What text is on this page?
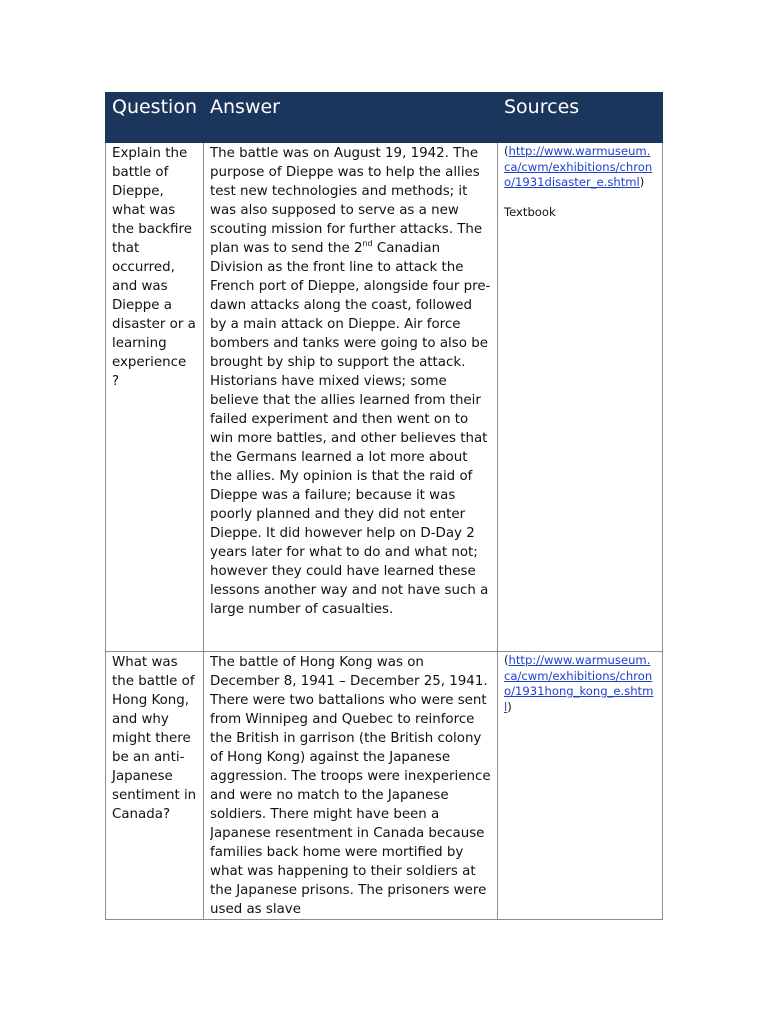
Question	Answer	Sources

Explain the battle of Dieppe, what was the backfire that occurred, and was Dieppe a disaster or a learning experience ?	The battle was on August 19, 1942. The purpose of Dieppe was to help the allies test new technologies and methods; it was also supposed to serve as a new scouting mission for further attacks. The plan was to send the 2nd Canadian Division as the front line to attack the French port of Dieppe, alongside four pre-dawn attacks along the coast, followed by a main attack on Dieppe. Air force bombers and tanks were going to also be brought by ship to support the attack. Historians have mixed views; some believe that the allies learned from their failed experiment and then went on to win more battles, and other believes that the Germans learned a lot more about the allies. My opinion is that the raid of Dieppe was a failure; because it was poorly planned and they did not enter Dieppe. It did however help on D-Day 2 years later for what to do and what not; however they could have learned these lessons another way and not have such a large number of casualties.	(http://www.warmuseum.ca/cwm/exhibitions/chrono/1931disaster_e.shtml)
Textbook

What was the battle of Hong Kong, and why might there be an anti-Japanese sentiment in Canada?	The battle of Hong Kong was on December 8, 1941 – December 25, 1941. There were two battalions who were sent from Winnipeg and Quebec to reinforce the British in garrison (the British colony of Hong Kong) against the Japanese aggression. The troops were inexperience and were no match to the Japanese soldiers. There might have been a Japanese resentment in Canada because families back home were mortified by what was happening to their soldiers at the Japanese prisons. The prisoners were used as slave	(http://www.warmuseum.ca/cwm/exhibitions/chrono/1931hong_kong_e.shtml)
